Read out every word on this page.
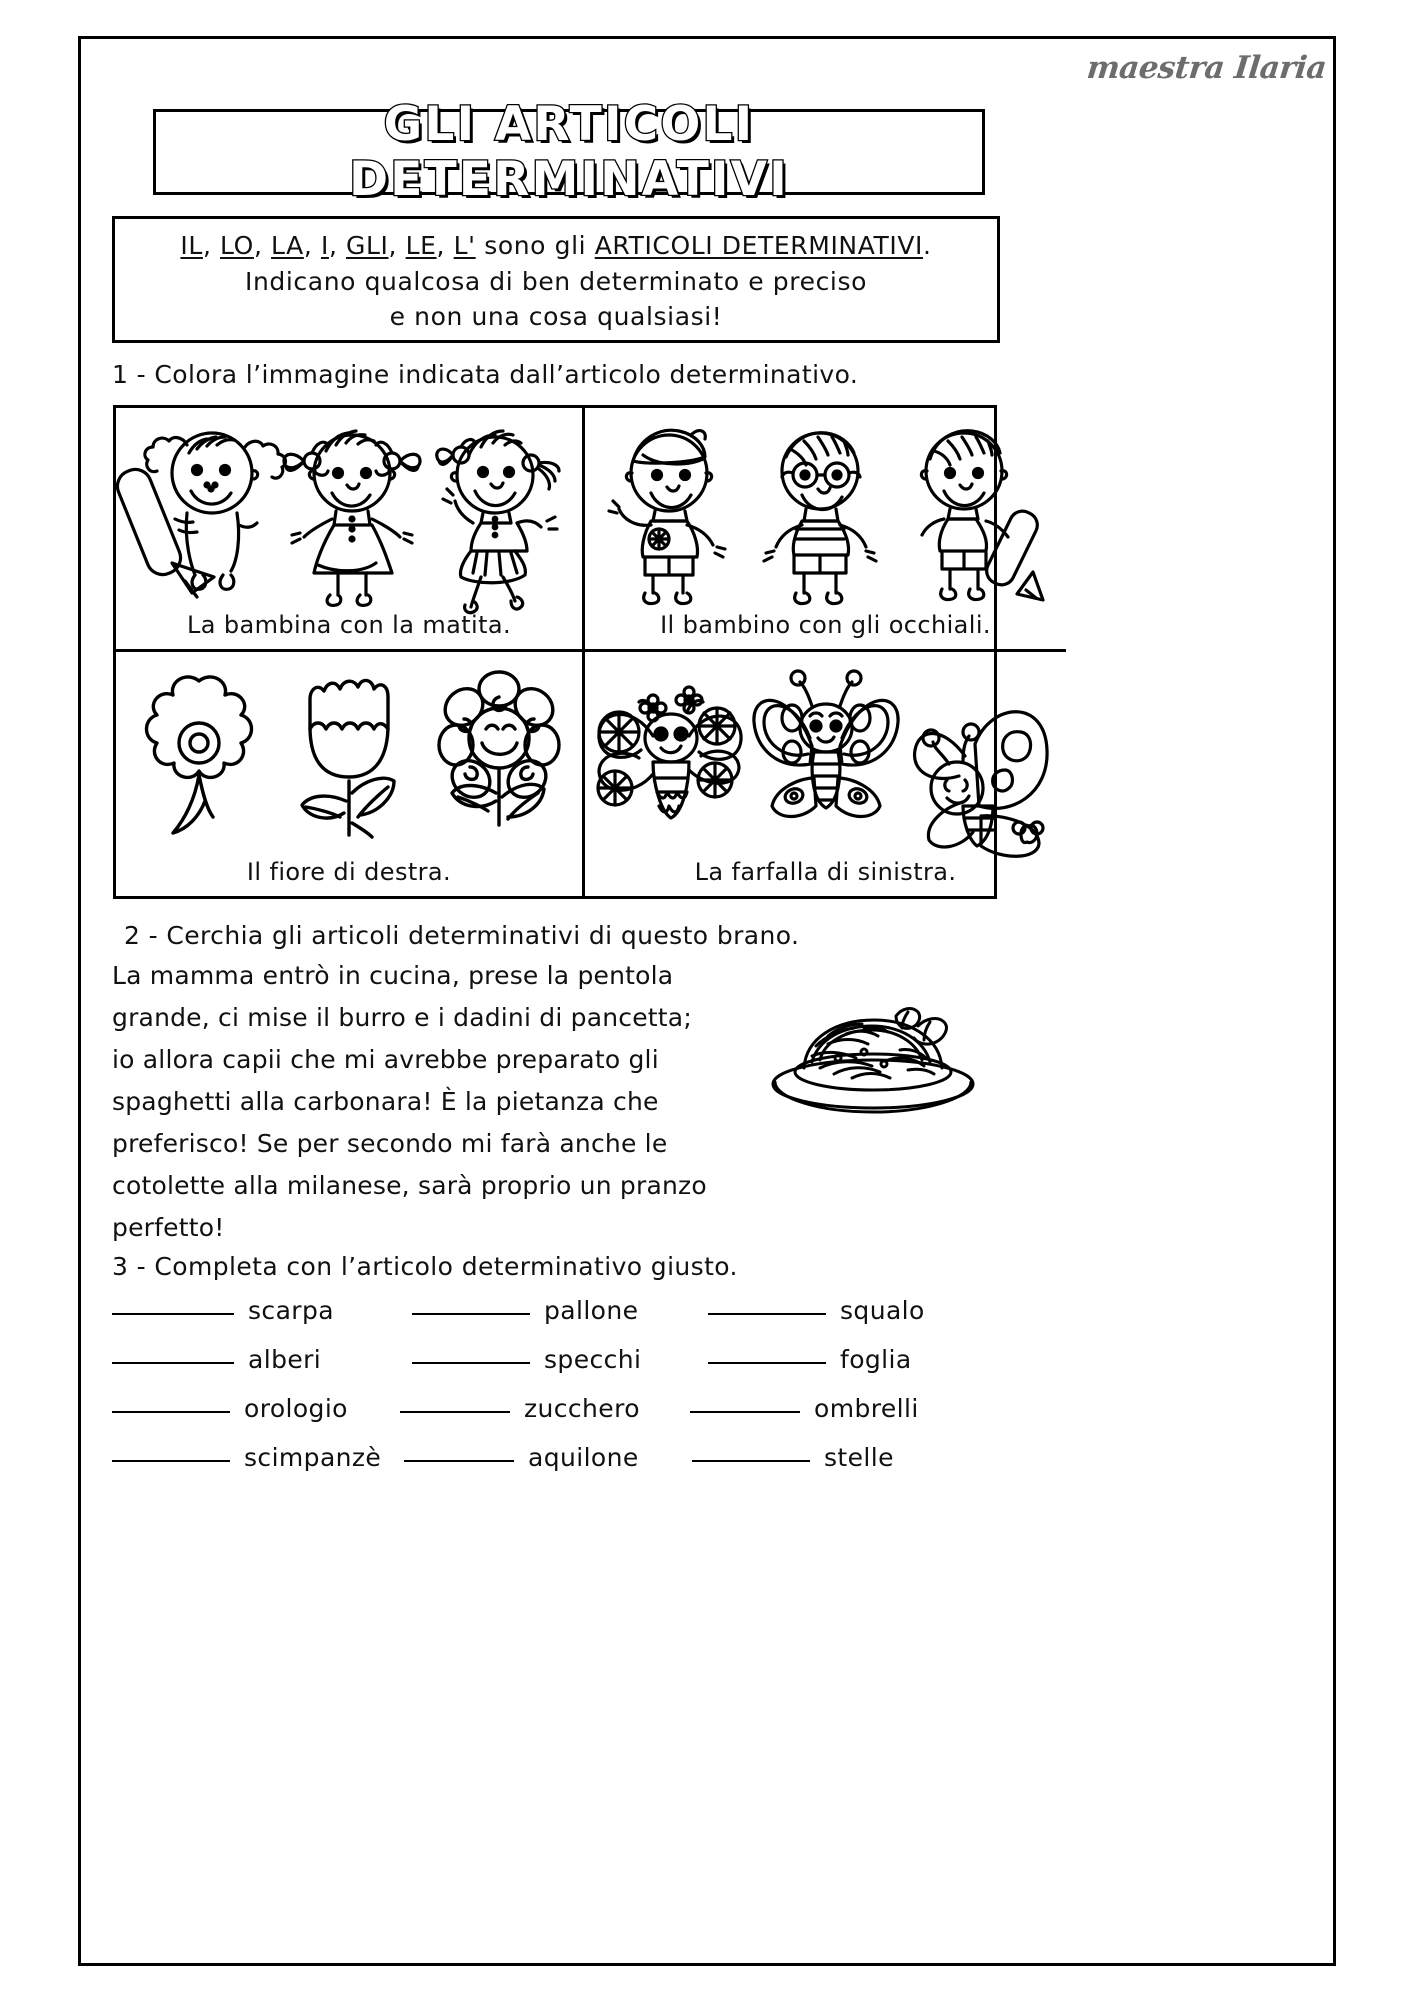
maestra Ilaria
GLI ARTICOLI DETERMINATIVI
IL, LO, LA, I, GLI, LE, L' sono gli ARTICOLI DETERMINATIVI.
Indicano qualcosa di ben determinato e preciso
e non una cosa qualsiasi!
1 - Colora l’immagine indicata dall’articolo determinativo.
La bambina con la matita.	Il bambino con gli occhiali.
Il fiore di destra.	La farfalla di sinistra.
2 - Cerchia gli articoli determinativi di questo brano.
La mamma entrò in cucina, prese la pentola
grande, ci mise il burro e i dadini di pancetta;
io allora capii che mi avrebbe preparato gli
spaghetti alla carbonara! È la pietanza che
preferisco! Se per secondo mi farà anche le
cotolette alla milanese, sarà proprio un pranzo
perfetto!
3 - Completa con l’articolo determinativo giusto.
scarpa	pallone	squalo
alberi	specchi	foglia
orologio	zucchero	ombrelli
scimpanzè	aquilone	stelle
